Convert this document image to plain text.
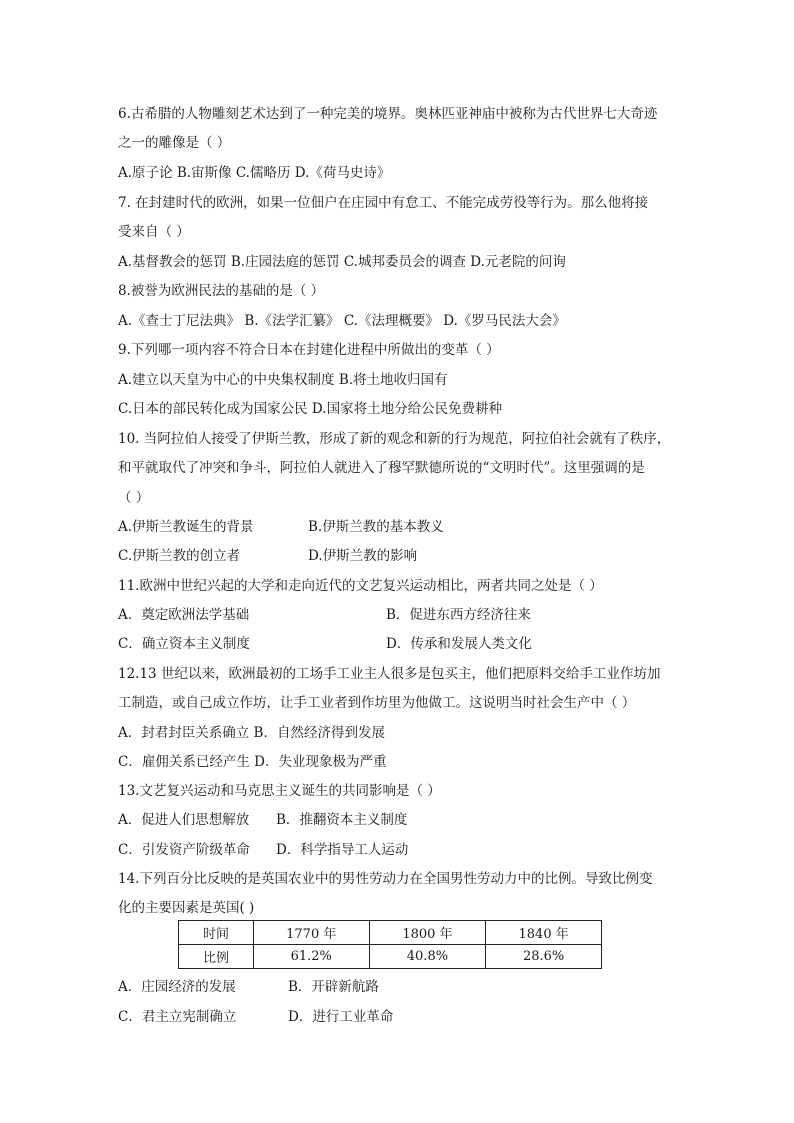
6.古希腊的人物雕刻艺术达到了一种完美的境界。奥林匹亚神庙中被称为古代世界七大奇迹
之一的雕像是（ ）
A.原子论 B.宙斯像 C.儒略历 D.《荷马史诗》
7. 在封建时代的欧洲，如果一位佃户在庄园中有怠工、不能完成劳役等行为。那么他将接
受来自（ ）
A.基督教会的惩罚 B.庄园法庭的惩罚 C.城邦委员会的调查 D.元老院的问询
8.被誉为欧洲民法的基础的是（ ）
A.《查士丁尼法典》 B.《法学汇纂》 C.《法理概要》 D.《罗马民法大会》
9.下列哪一项内容不符合日本在封建化进程中所做出的变革（ ）
A.建立以天皇为中心的中央集权制度 B.将土地收归国有
C.日本的部民转化成为国家公民 D.国家将土地分给公民免费耕种
10. 当阿拉伯人接受了伊斯兰教，形成了新的观念和新的行为规范，阿拉伯社会就有了秩序，
和平就取代了冲突和争斗，阿拉伯人就进入了穆罕默德所说的“文明时代”。这里强调的是
（ ）
A.伊斯兰教诞生的背景	B.伊斯兰教的基本教义
C.伊斯兰教的创立者	D.伊斯兰教的影响
11.欧洲中世纪兴起的大学和走向近代的文艺复兴运动相比，两者共同之处是（ ）
A．奠定欧洲法学基础	B．促进东西方经济往来
C．确立资本主义制度	D．传承和发展人类文化
12.13 世纪以来，欧洲最初的工场手工业主人很多是包买主，他们把原料交给手工业作坊加
工制造，或自己成立作坊，让手工业者到作坊里为他做工。这说明当时社会生产中（ ）
A．封君封臣关系确立 B．自然经济得到发展
C．雇佣关系已经产生 D．失业现象极为严重
13.文艺复兴运动和马克思主义诞生的共同影响是（ ）
A．促进人们思想解放 B．推翻资本主义制度
C．引发资产阶级革命 D．科学指导工人运动
14.下列百分比反映的是英国农业中的男性劳动力在全国男性劳动力中的比例。导致比例变
化的主要因素是英国( )
时间	1770 年	1800 年	1840 年
比例	61.2%	40.8%	28.6%
A．庄园经济的发展	B．开辟新航路
C．君主立宪制确立	D．进行工业革命
